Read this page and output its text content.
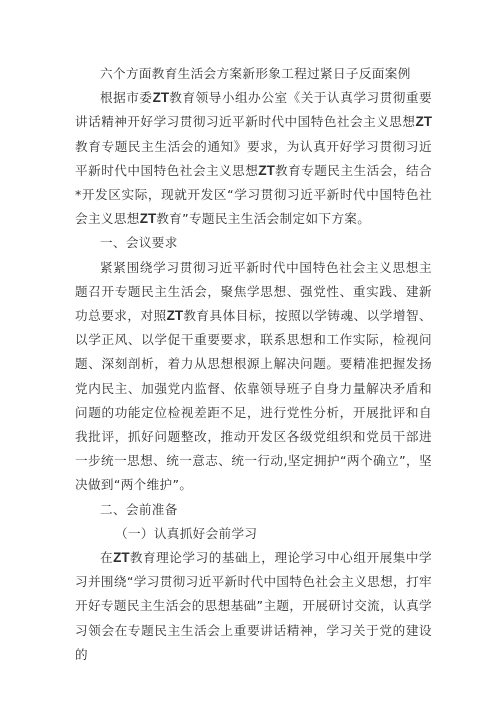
六个方面教育生活会方案新形象工程过紧日子反面案例

根据市委ZT教育领导小组办公室《关于认真学习贯彻重要讲话精神开好学习贯彻习近平新时代中国特色社会主义思想ZT教育专题民主生活会的通知》要求，为认真开好学习贯彻习近平新时代中国特色社会主义思想ZT教育专题民主生活会，结合*开发区实际，现就开发区“学习贯彻习近平新时代中国特色社会主义思想ZT教育”专题民主生活会制定如下方案。

一、会议要求

紧紧围绕学习贯彻习近平新时代中国特色社会主义思想主题召开专题民主生活会，聚焦学思想、强党性、重实践、建新功总要求，对照ZT教育具体目标，按照以学铸魂、以学增智、以学正风、以学促干重要要求，联系思想和工作实际，检视问题、深刻剖析，着力从思想根源上解决问题。要精准把握发扬党内民主、加强党内监督、依靠领导班子自身力量解决矛盾和问题的功能定位检视差距不足，进行党性分析，开展批评和自我批评，抓好问题整改，推动开发区各级党组织和党员干部进一步统一思想、统一意志、统一行动,坚定拥护“两个确立”，坚决做到“两个维护”。

二、会前准备

（一）认真抓好会前学习

在ZT教育理论学习的基础上，理论学习中心组开展集中学习并围绕“学习贯彻习近平新时代中国特色社会主义思想，打牢开好专题民主生活会的思想基础”主题，开展研讨交流，认真学习领会在专题民主生活会上重要讲话精神，学习关于党的建设的
